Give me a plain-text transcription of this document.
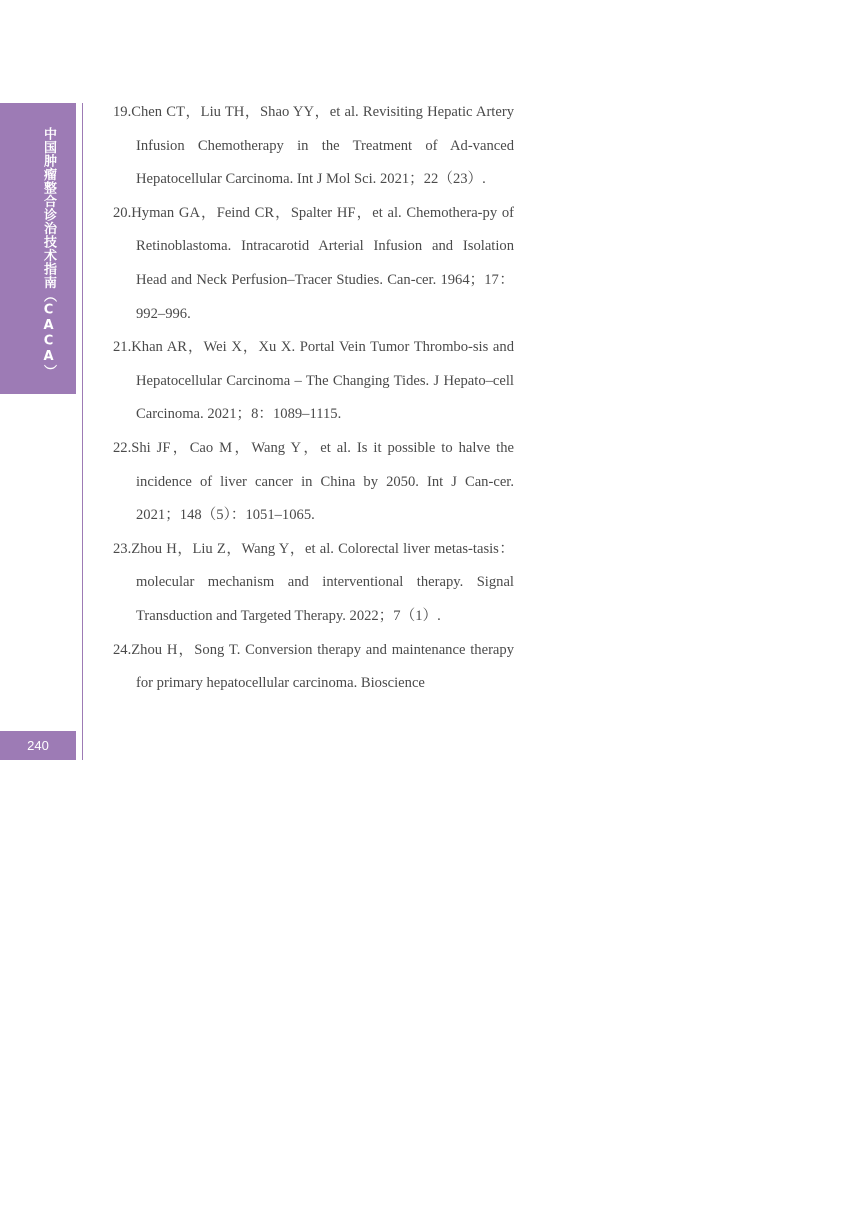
中国肿瘤整合诊治技术指南（CACA）
240
19.Chen CT，Liu TH，Shao YY，et al. Revisiting Hepatic Artery Infusion Chemotherapy in the Treatment of Ad-vanced Hepatocellular Carcinoma. Int J Mol Sci. 2021；22（23）.
20.Hyman GA，Feind CR，Spalter HF，et al. Chemothera-py of Retinoblastoma. Intracarotid Arterial Infusion and Isolation Head and Neck Perfusion–Tracer Studies. Can-cer. 1964；17：992–996.
21.Khan AR，Wei X，Xu X. Portal Vein Tumor Thrombo-sis and Hepatocellular Carcinoma – The Changing Tides. J Hepato–cell Carcinoma. 2021；8：1089–1115.
22.Shi JF，Cao M，Wang Y，et al. Is it possible to halve the incidence of liver cancer in China by 2050. Int J Can-cer. 2021；148（5）：1051–1065.
23.Zhou H，Liu Z，Wang Y，et al. Colorectal liver metas-tasis：molecular mechanism and interventional therapy. Signal Transduction and Targeted Therapy. 2022；7（1）.
24.Zhou H，Song T. Conversion therapy and maintenance therapy for primary hepatocellular carcinoma. Bioscience
